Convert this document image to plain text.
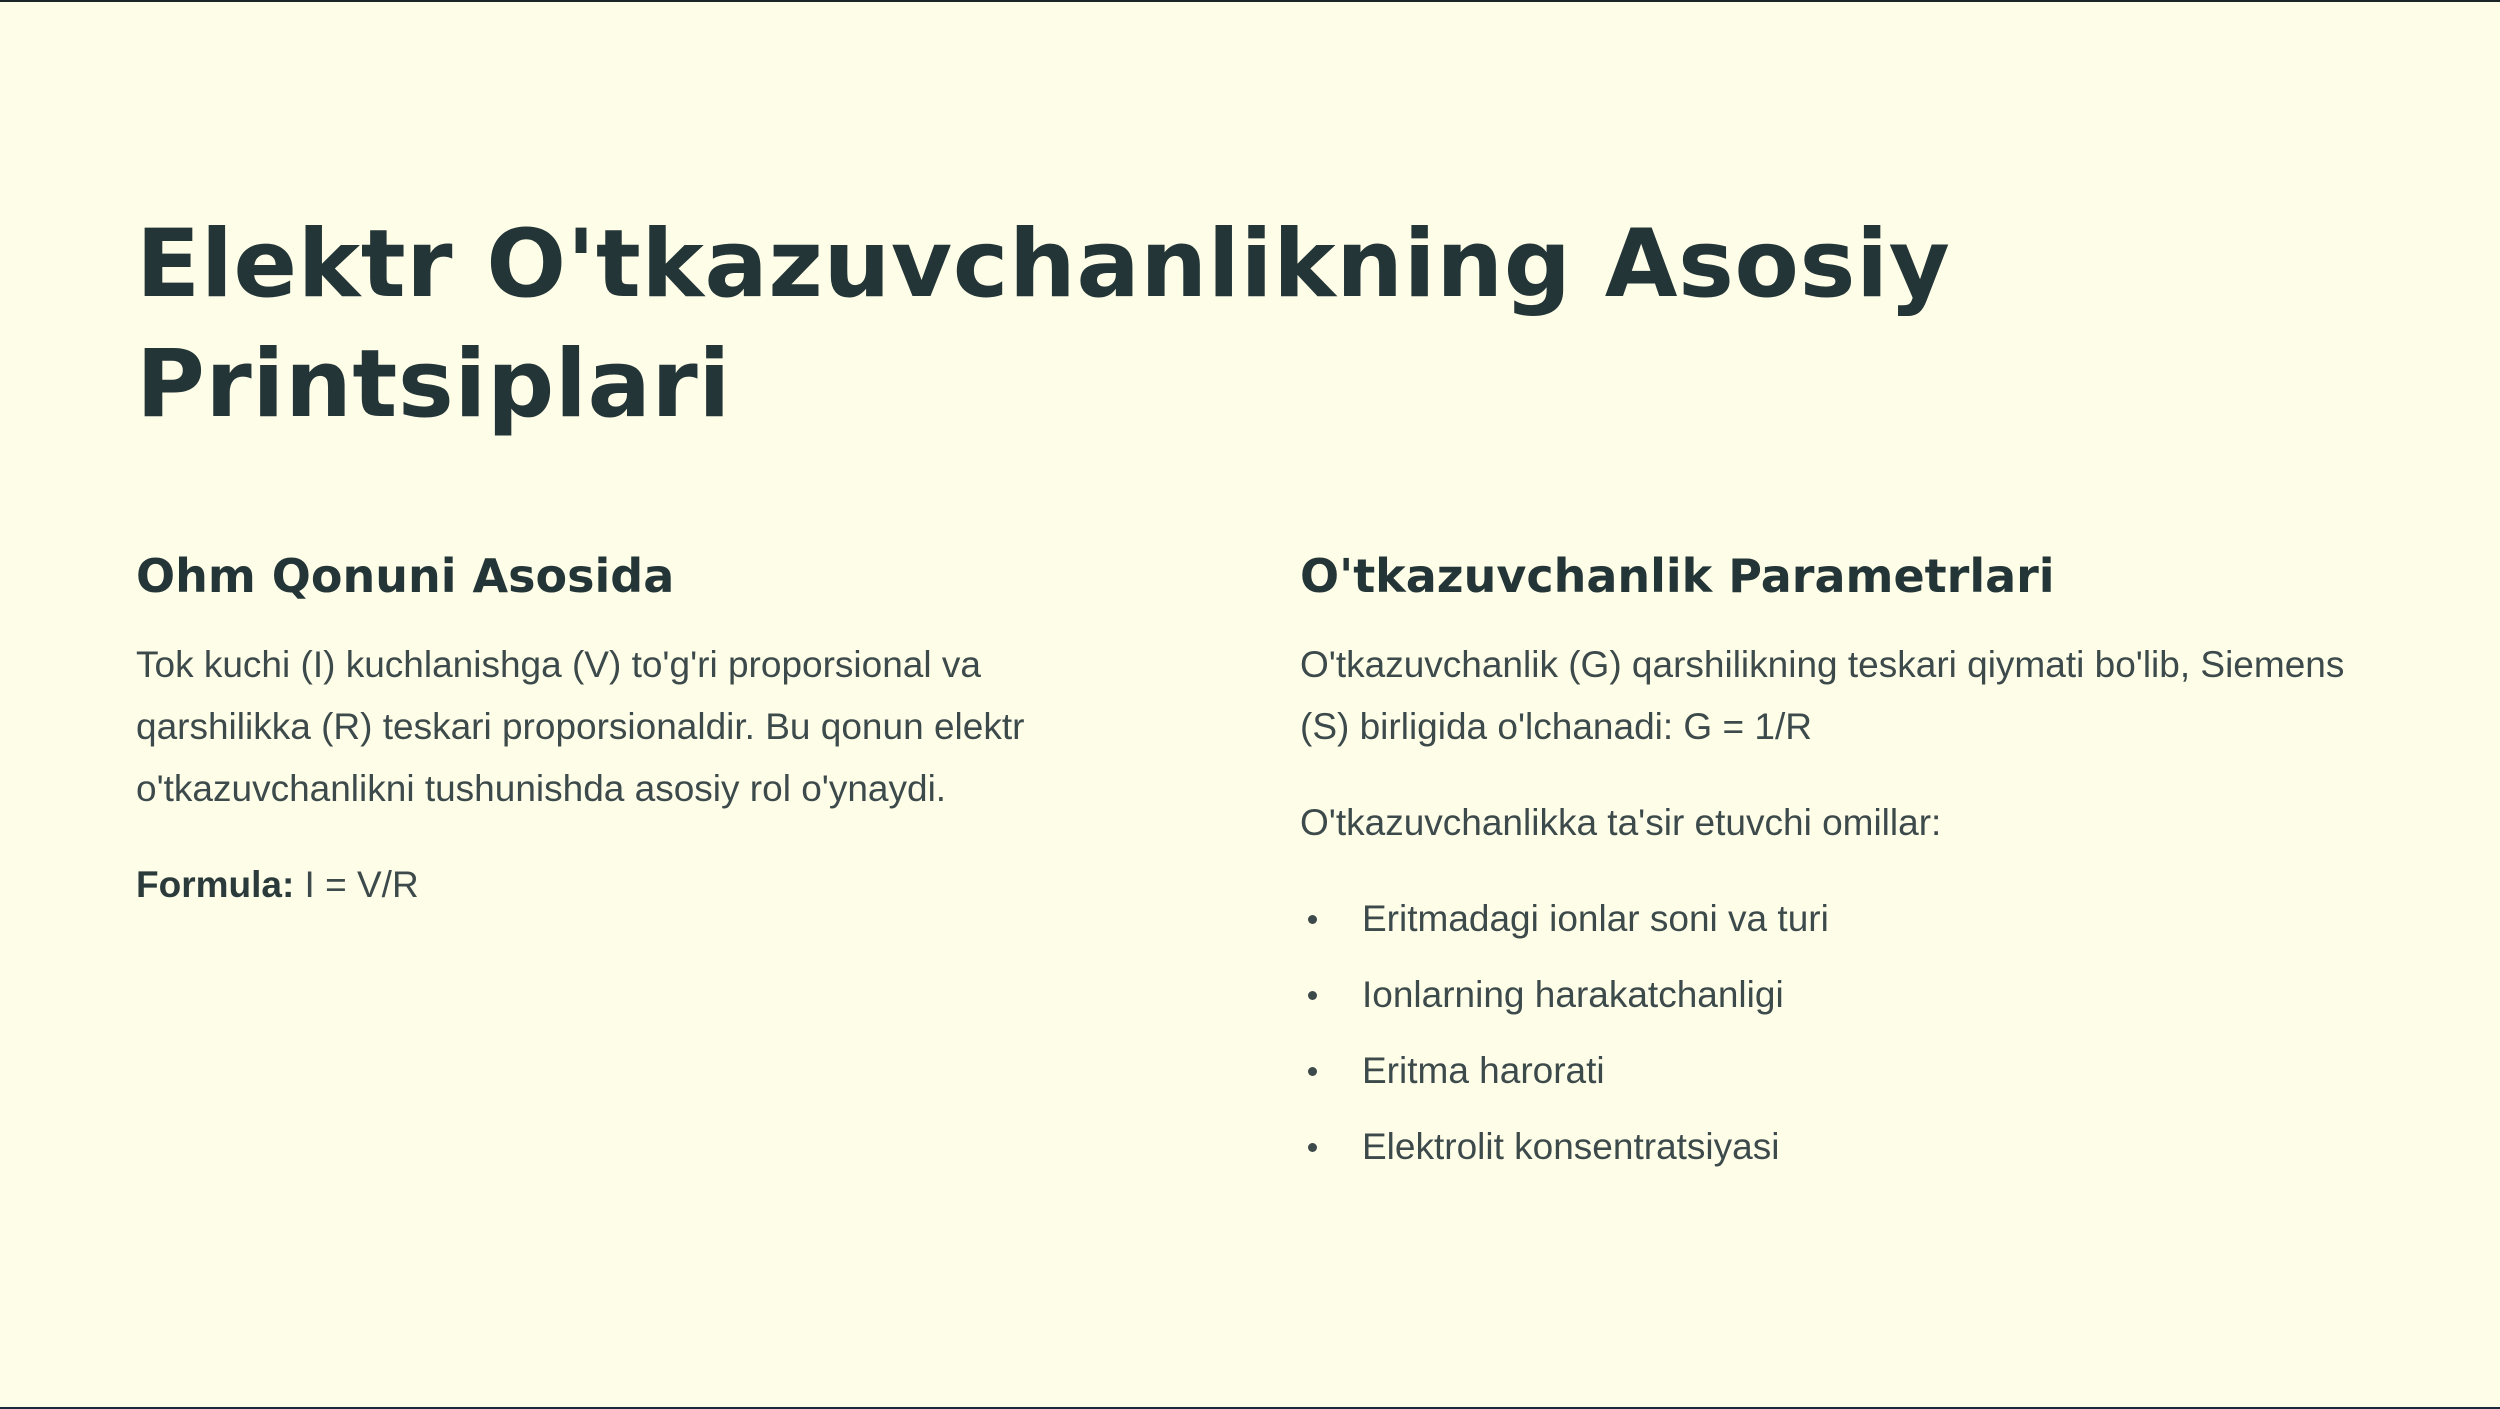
Elektr O'tkazuvchanlikning Asosiy Printsiplari
Ohm Qonuni Asosida

Tok kuchi (I) kuchlanishga (V) to'g'ri proporsional va qarshilikka (R) teskari proporsionaldir. Bu qonun elektr o'tkazuvchanlikni tushunishda asosiy rol o'ynaydi.

Formula: I = V/R

O'tkazuvchanlik Parametrlari

O'tkazuvchanlik (G) qarshilikning teskari qiymati bo'lib, Siemens (S) birligida o'lchanadi: G = 1/R

O'tkazuvchanlikka ta'sir etuvchi omillar:

Eritmadagi ionlar soni va turi
Ionlarning harakatchanligi
Eritma harorati
Elektrolit konsentratsiyasi
